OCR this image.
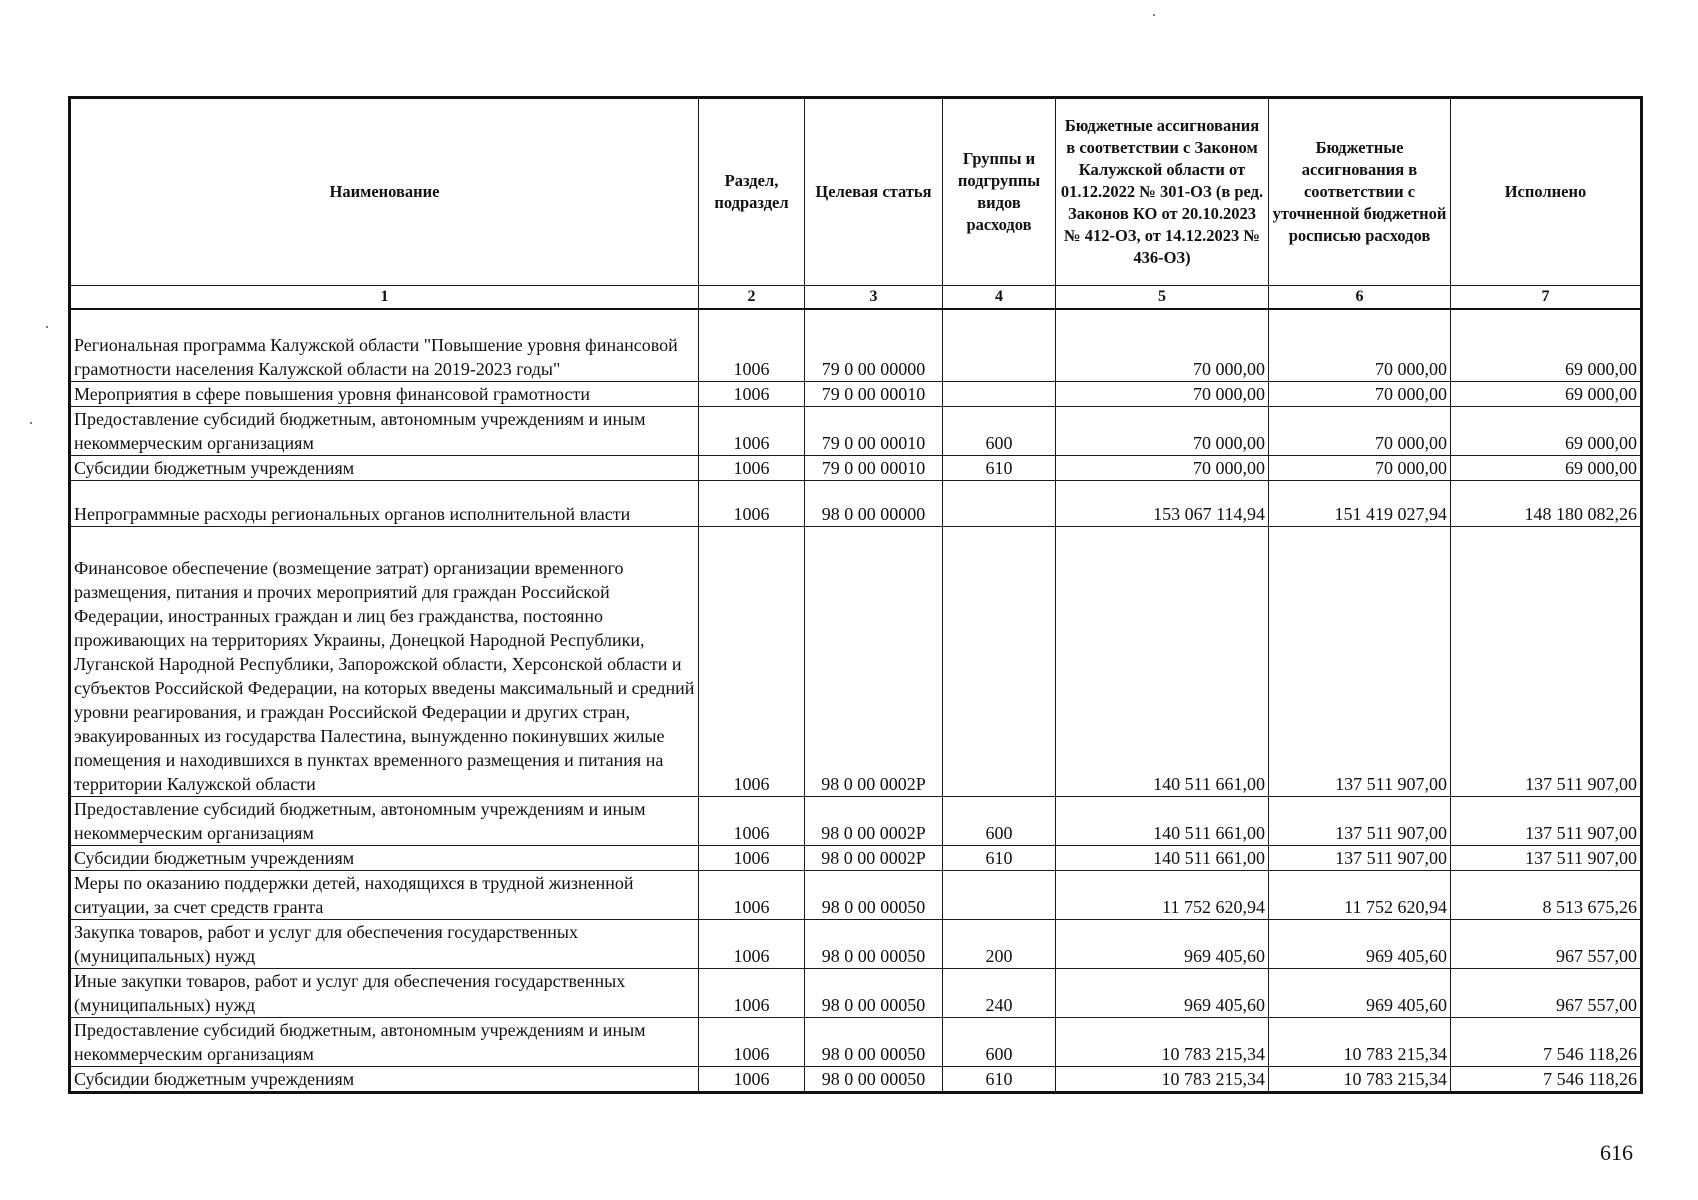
Наименование	Раздел, подраздел	Целевая статья	Группы и подгруппы видов расходов	Бюджетные ассигнования в соответствии с Законом Калужской области от 01.12.2022 № 301-ОЗ (в ред. Законов КО от 20.10.2023 № 412-ОЗ, от 14.12.2023 № 436-ОЗ)	Бюджетные ассигнования в соответствии с уточненной бюджетной росписью расходов	Исполнено
1	2	3	4	5	6	7
Региональная программа Калужской области "Повышение уровня финансовой грамотности населения Калужской области на 2019-2023 годы"	1006	79 0 00 00000		70 000,00	70 000,00	69 000,00
Мероприятия в сфере повышения уровня финансовой грамотности	1006	79 0 00 00010		70 000,00	70 000,00	69 000,00
Предоставление субсидий бюджетным, автономным учреждениям и иным некоммерческим организациям	1006	79 0 00 00010	600	70 000,00	70 000,00	69 000,00
Субсидии бюджетным учреждениям	1006	79 0 00 00010	610	70 000,00	70 000,00	69 000,00
Непрограммные расходы региональных органов исполнительной власти	1006	98 0 00 00000		153 067 114,94	151 419 027,94	148 180 082,26
Финансовое обеспечение (возмещение затрат) организации временного размещения, питания и прочих мероприятий для граждан Российской Федерации, иностранных граждан и лиц без гражданства, постоянно проживающих на территориях Украины, Донецкой Народной Республики, Луганской Народной Республики, Запорожской области, Херсонской области и субъектов Российской Федерации, на которых введены максимальный и средний уровни реагирования, и граждан Российской Федерации и других стран, эвакуированных из государства Палестина, вынужденно покинувших жилые помещения и находившихся в пунктах временного размещения и питания на территории Калужской области	1006	98 0 00 0002Р		140 511 661,00	137 511 907,00	137 511 907,00
Предоставление субсидий бюджетным, автономным учреждениям и иным некоммерческим организациям	1006	98 0 00 0002Р	600	140 511 661,00	137 511 907,00	137 511 907,00
Субсидии бюджетным учреждениям	1006	98 0 00 0002Р	610	140 511 661,00	137 511 907,00	137 511 907,00
Меры по оказанию поддержки детей, находящихся в трудной жизненной ситуации, за счет средств гранта	1006	98 0 00 00050		11 752 620,94	11 752 620,94	8 513 675,26
Закупка товаров, работ и услуг для обеспечения государственных (муниципальных) нужд	1006	98 0 00 00050	200	969 405,60	969 405,60	967 557,00
Иные закупки товаров, работ и услуг для обеспечения государственных (муниципальных) нужд	1006	98 0 00 00050	240	969 405,60	969 405,60	967 557,00
Предоставление субсидий бюджетным, автономным учреждениям и иным некоммерческим организациям	1006	98 0 00 00050	600	10 783 215,34	10 783 215,34	7 546 118,26
Субсидии бюджетным учреждениям	1006	98 0 00 00050	610	10 783 215,34	10 783 215,34	7 546 118,26
616
